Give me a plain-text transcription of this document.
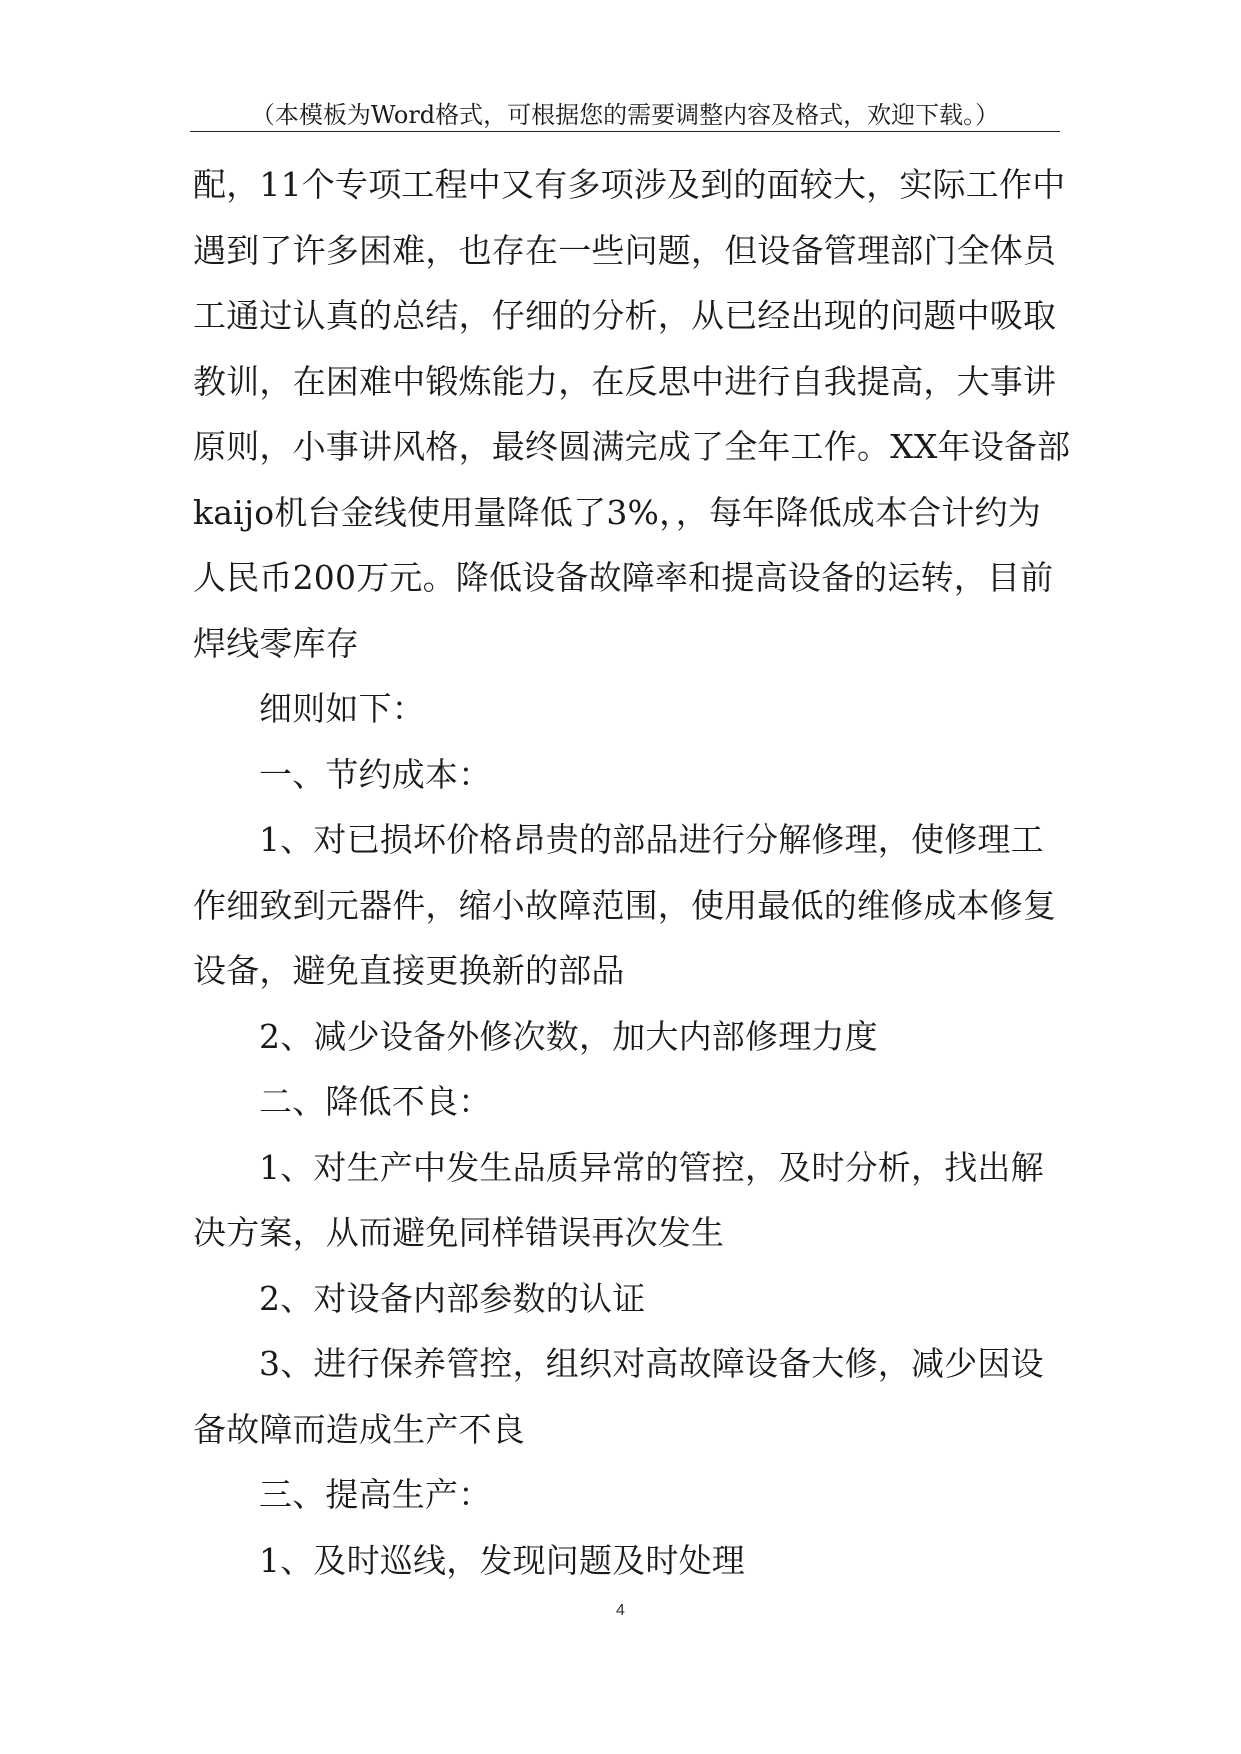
（本模板为Word格式，可根据您的需要调整内容及格式，欢迎下载。）
配，11个专项工程中又有多项涉及到的面较大，实际工作中
遇到了许多困难，也存在一些问题，但设备管理部门全体员
工通过认真的总结，仔细的分析，从已经出现的问题中吸取
教训，在困难中锻炼能力，在反思中进行自我提高，大事讲
原则，小事讲风格，最终圆满完成了全年工作。XX年设备部
kaijo机台金线使用量降低了3%，，每年降低成本合计约为
人民币200万元。降低设备故障率和提高设备的运转，目前
焊线零库存
细则如下：
一、节约成本：
1、对已损坏价格昂贵的部品进行分解修理，使修理工
作细致到元器件，缩小故障范围，使用最低的维修成本修复
设备，避免直接更换新的部品
2、减少设备外修次数，加大内部修理力度
二、降低不良：
1、对生产中发生品质异常的管控，及时分析，找出解
决方案，从而避免同样错误再次发生
2、对设备内部参数的认证
3、进行保养管控，组织对高故障设备大修，减少因设
备故障而造成生产不良
三、提高生产：
1、及时巡线，发现问题及时处理
4
